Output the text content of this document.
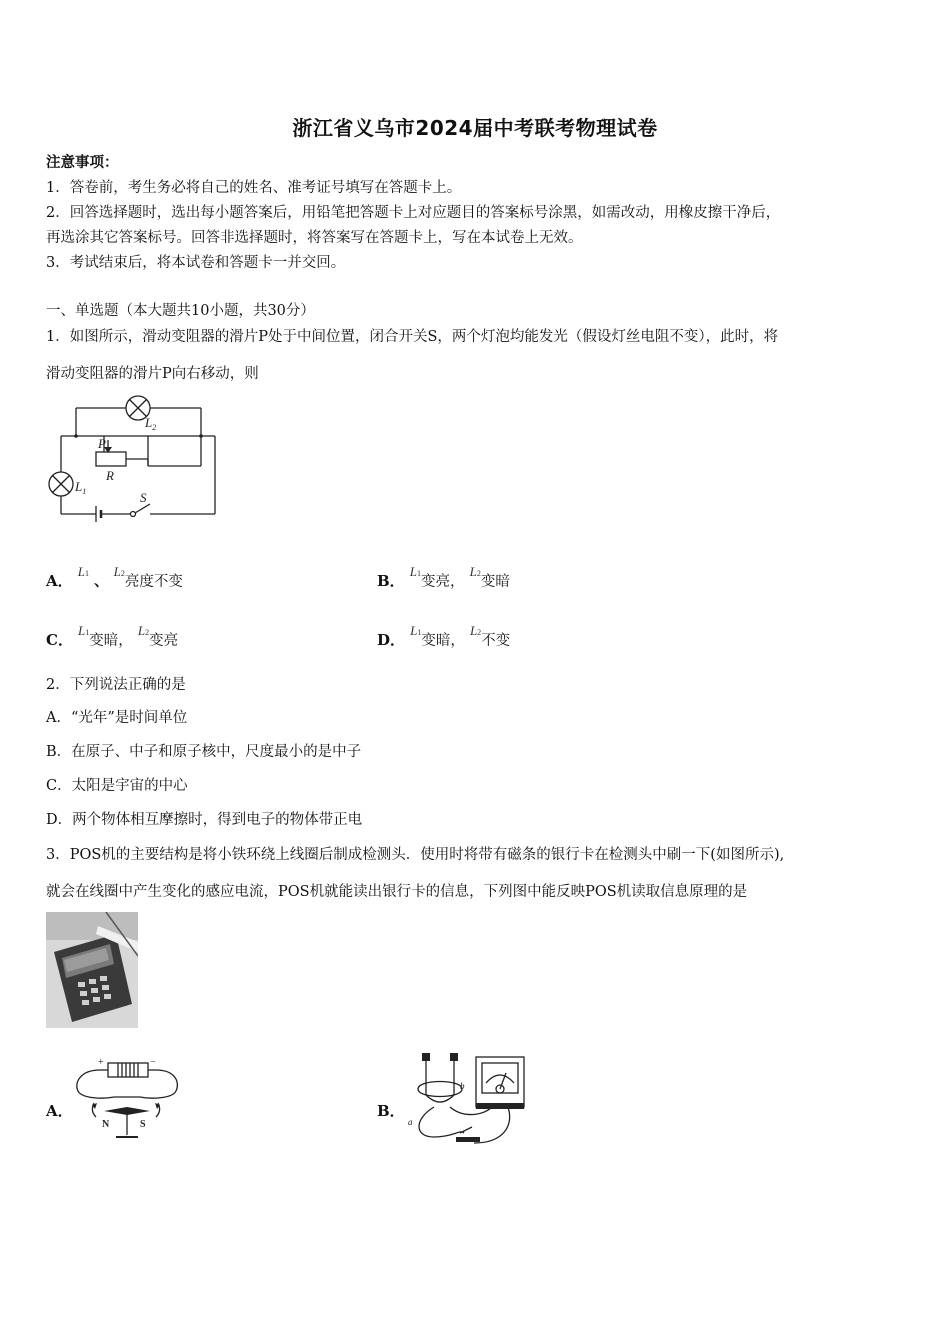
浙江省义乌市2024届中考联考物理试卷
注意事项：
1．答卷前，考生务必将自己的姓名、准考证号填写在答题卡上。
2．回答选择题时，选出每小题答案后，用铅笔把答题卡上对应题目的答案标号涂黑，如需改动，用橡皮擦干净后，
再选涂其它答案标号。回答非选择题时，将答案写在答题卡上，写在本试卷上无效。
3．考试结束后，将本试卷和答题卡一并交回。
一、单选题（本大题共10小题，共30分）
1．如图所示，滑动变阻器的滑片P处于中间位置，闭合开关S，两个灯泡均能发光（假设灯丝电阻不变），此时，将
滑动变阻器的滑片P向右移动，则
$L_2$
P
R
$L_1$	S
A． L1 、 L2亮度不变	B． L1变亮， L2变暗
C． L1变暗， L2变亮	D． L1变暗， L2不变
2．下列说法正确的是
A．“光年”是时间单位
B．在原子、中子和原子核中，尺度最小的是中子
C．太阳是宇宙的中心
D．两个物体相互摩擦时，得到电子的物体带正电
3．POS机的主要结构是将小铁环绕上线圈后制成检测头．使用时将带有磁条的银行卡在检测头中刷一下(如图所示),
就会在线圈中产生变化的感应电流，POS机就能读出银行卡的信息，下列图中能反映POS机读取信息原理的是
A．
+	−
N	S
B．
b
a
